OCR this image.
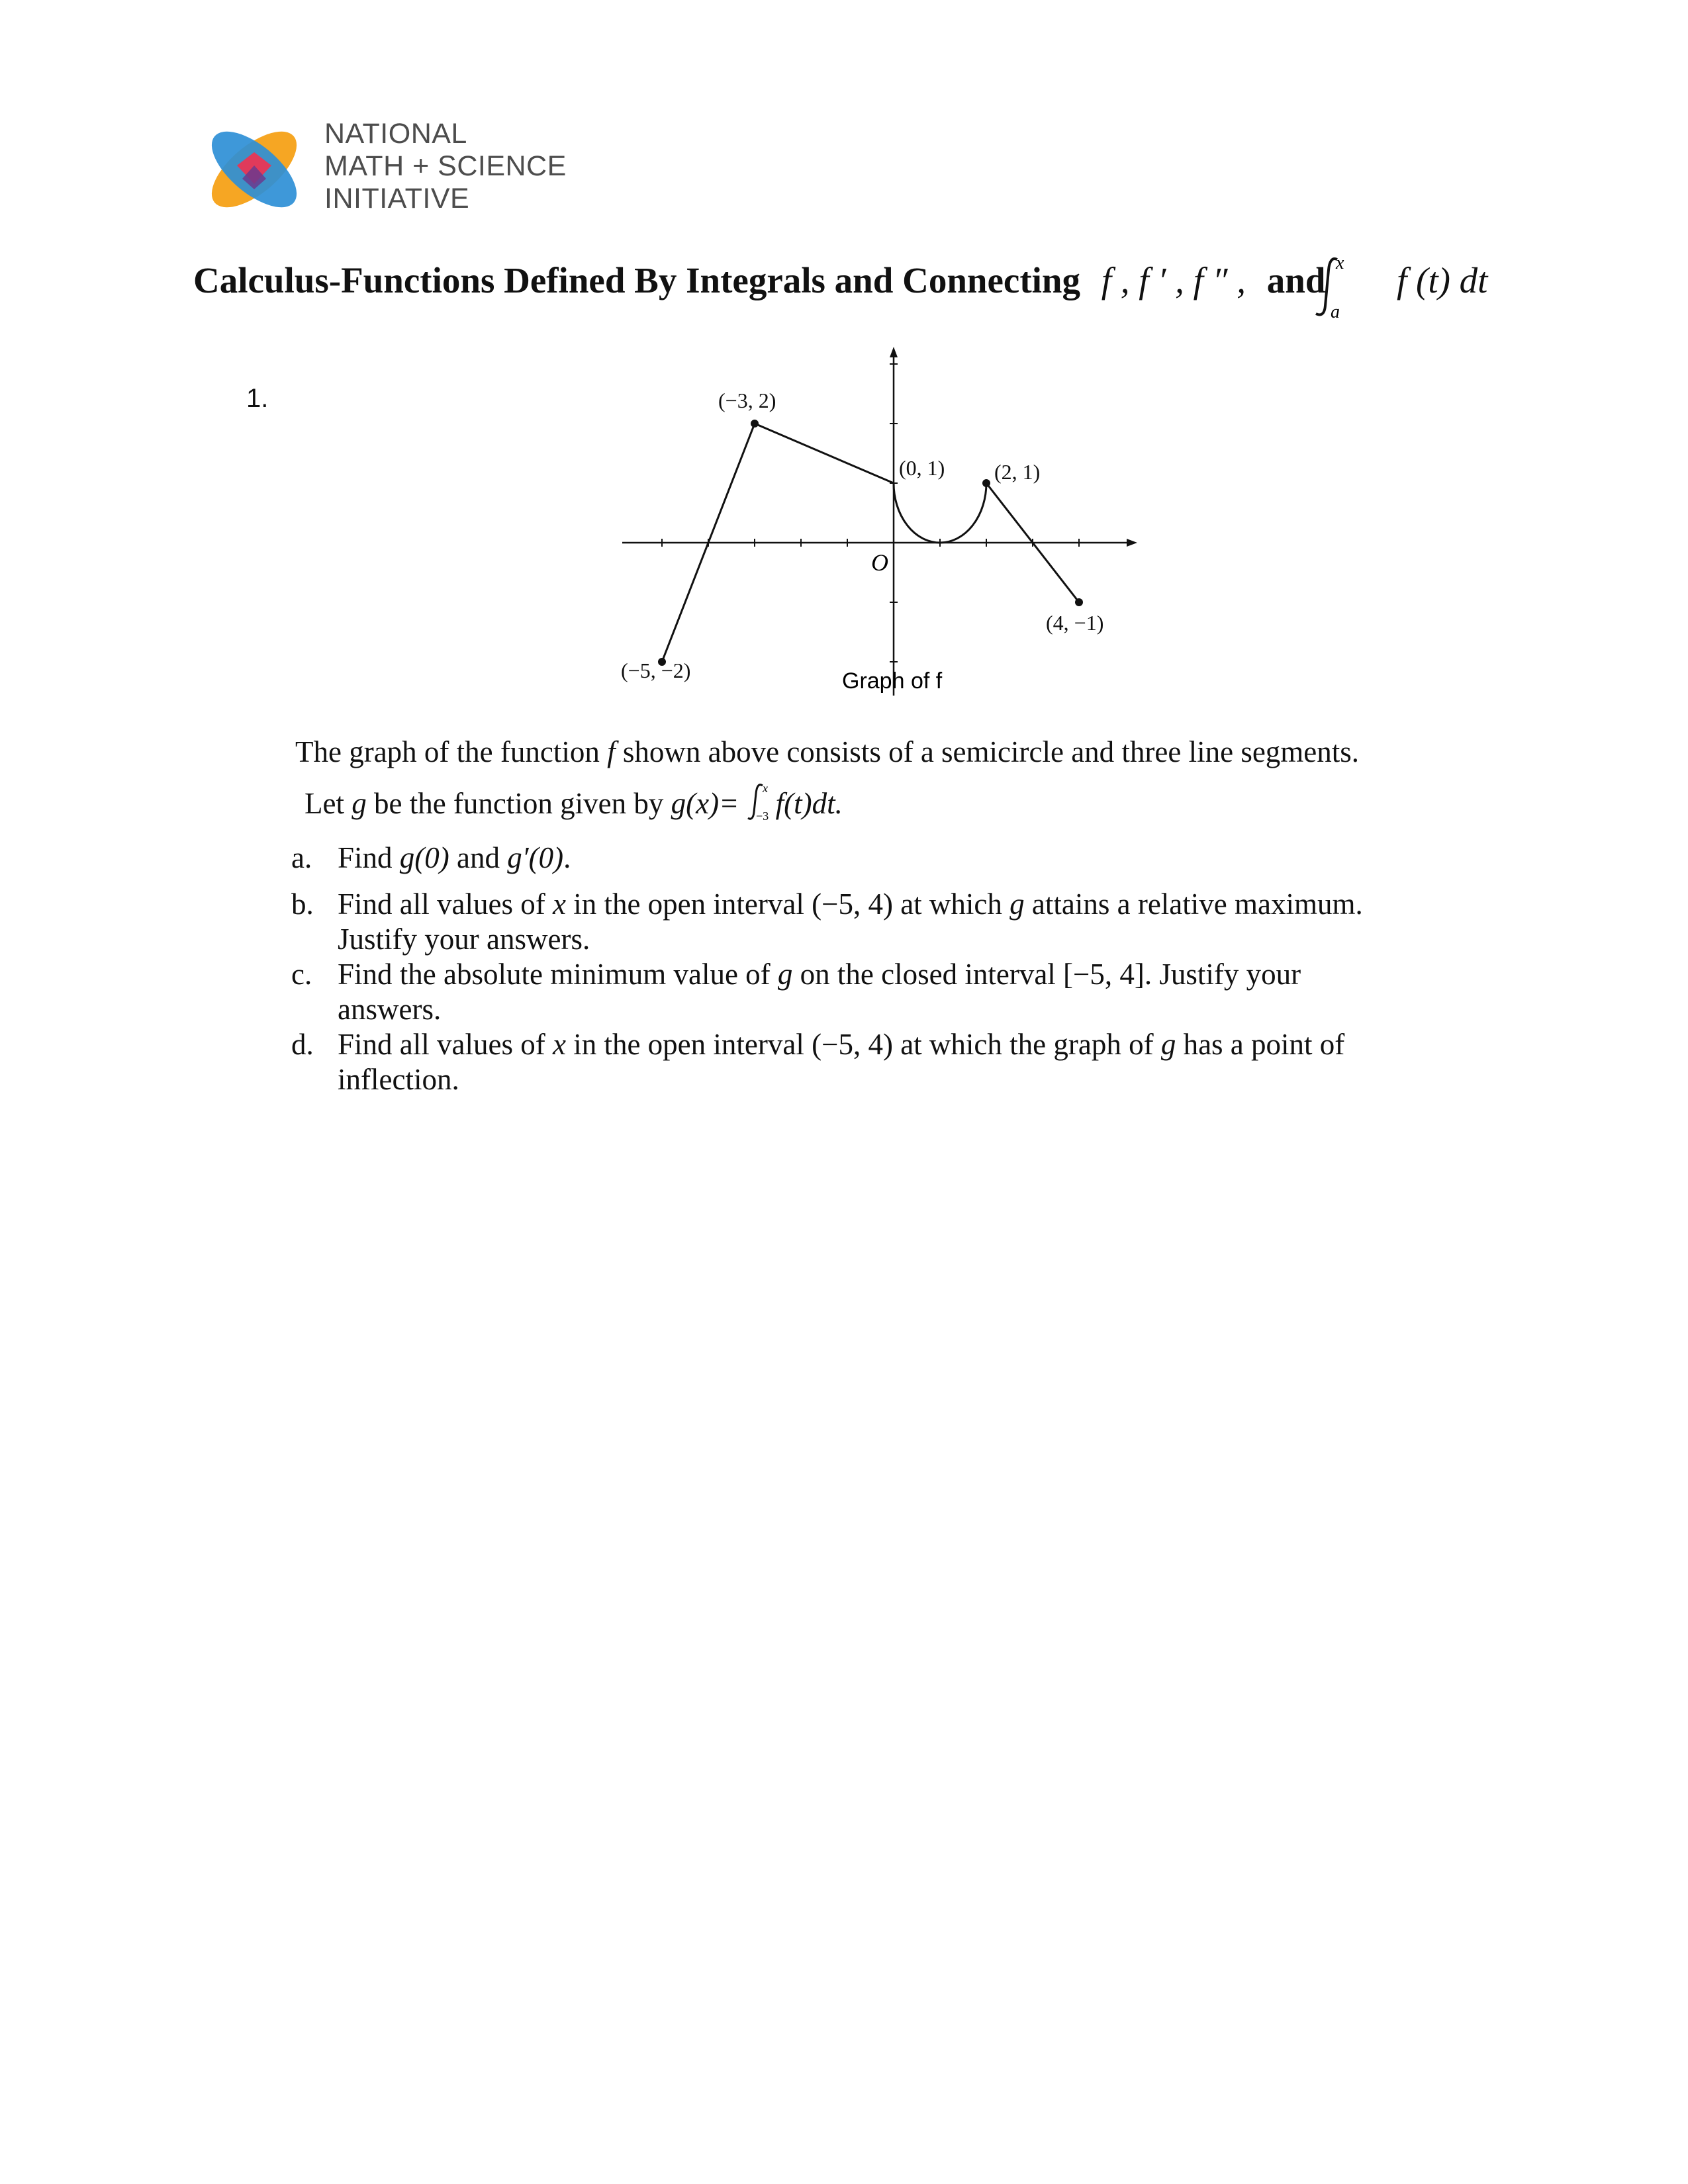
NATIONAL
MATH + SCIENCE
INITIATIVE
Calculus-Functions Defined By Integrals and Connecting f , f ′ , f ″ , and f (t) dt
x
a
1.
(−5, −2)
(−3, 2)
(0, 1) (2, 1)
(4, −1)
O
Graph of f
The graph of the function f shown above consists of a semicircle and three line segments.
Let g be the function given by g(x)= x
−3 f(t)dt.
a. Find g(0) and g′(0).
b. Find all values of x in the open interval (−5, 4) at which g attains a relative maximum.
Justify your answers.
c. Find the absolute minimum value of g on the closed interval [−5, 4]. Justify your
answers.
d. Find all values of x in the open interval (−5, 4) at which the graph of g has a point of
inflection.
